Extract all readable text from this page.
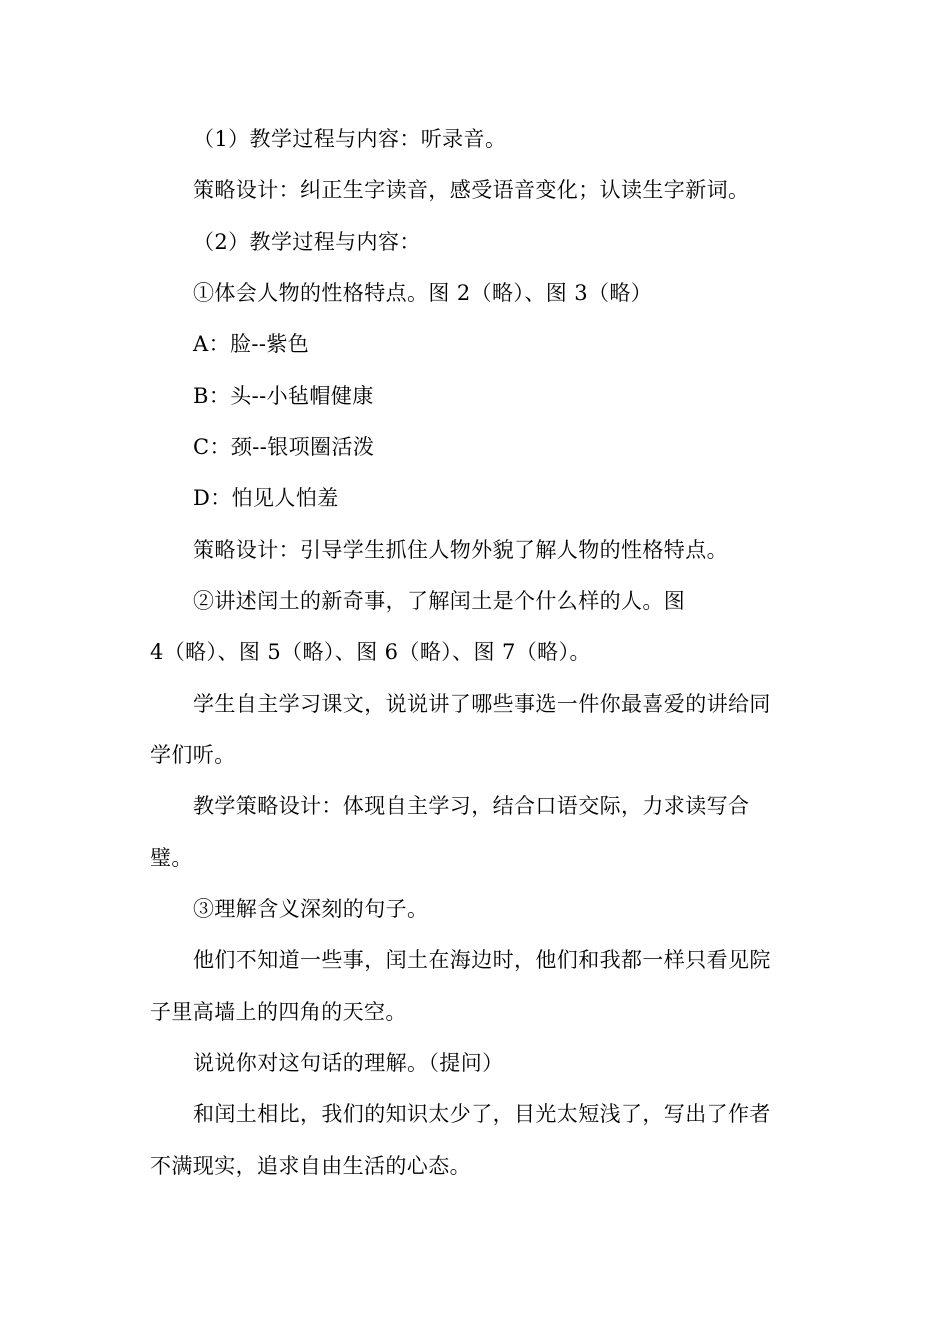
（1）教学过程与内容：听录音。
策略设计：纠正生字读音，感受语音变化；认读生字新词。
（2）教学过程与内容：
①体会人物的性格特点。图 2（略）、图 3（略）
A：脸--紫色
B：头--小毡帽健康
C：颈--银项圈活泼
D：怕见人怕羞
策略设计：引导学生抓住人物外貌了解人物的性格特点。
②讲述闰土的新奇事，了解闰土是个什么样的人。图
4（略）、图 5（略）、图 6（略）、图 7（略）。
学生自主学习课文，说说讲了哪些事选一件你最喜爱的讲给同
学们听。
教学策略设计：体现自主学习，结合口语交际，力求读写合
璧。
③理解含义深刻的句子。
他们不知道一些事，闰土在海边时，他们和我都一样只看见院
子里高墙上的四角的天空。
说说你对这句话的理解。（提问）
和闰土相比，我们的知识太少了，目光太短浅了，写出了作者
不满现实，追求自由生活的心态。
